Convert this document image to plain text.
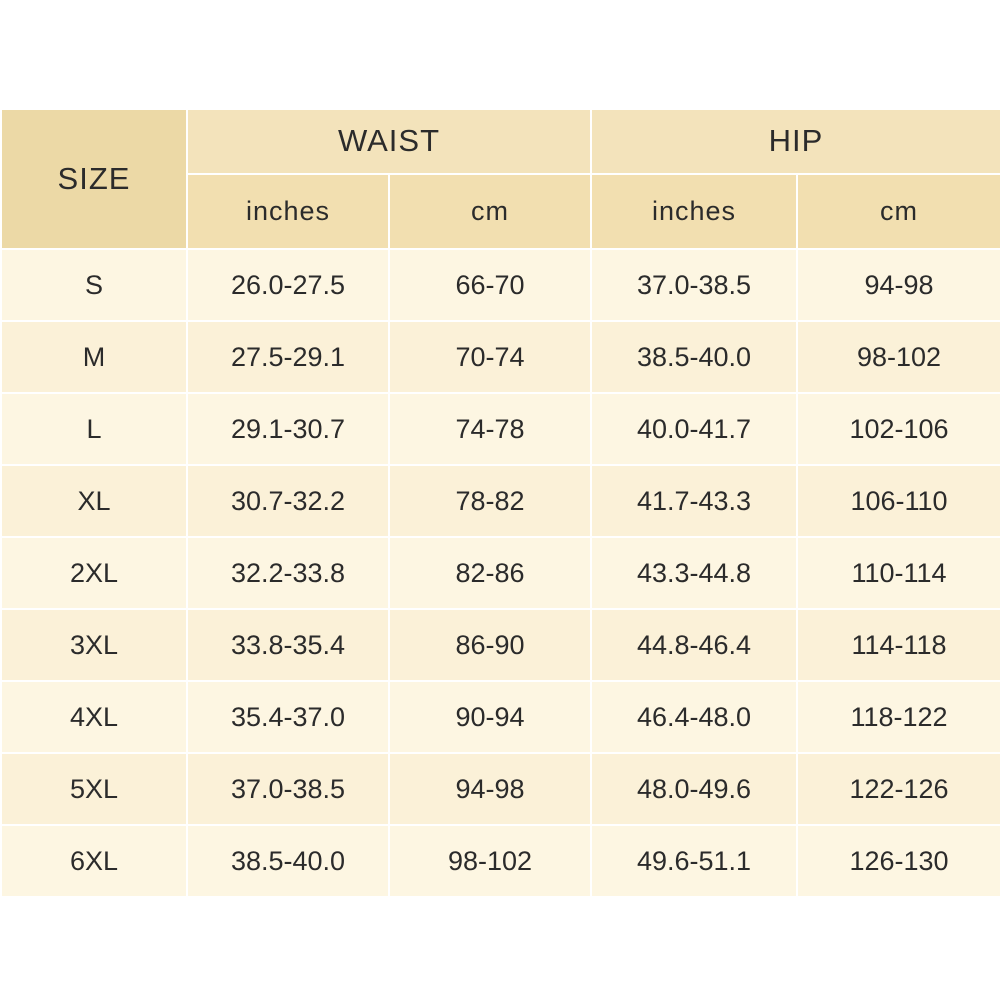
SIZE	WAIST		HIP	
	inches	cm	inches	cm
S	26.0-27.5	66-70	37.0-38.5	94-98
M	27.5-29.1	70-74	38.5-40.0	98-102
L	29.1-30.7	74-78	40.0-41.7	102-106
XL	30.7-32.2	78-82	41.7-43.3	106-110
2XL	32.2-33.8	82-86	43.3-44.8	110-114
3XL	33.8-35.4	86-90	44.8-46.4	114-118
4XL	35.4-37.0	90-94	46.4-48.0	118-122
5XL	37.0-38.5	94-98	48.0-49.6	122-126
6XL	38.5-40.0	98-102	49.6-51.1	126-130
